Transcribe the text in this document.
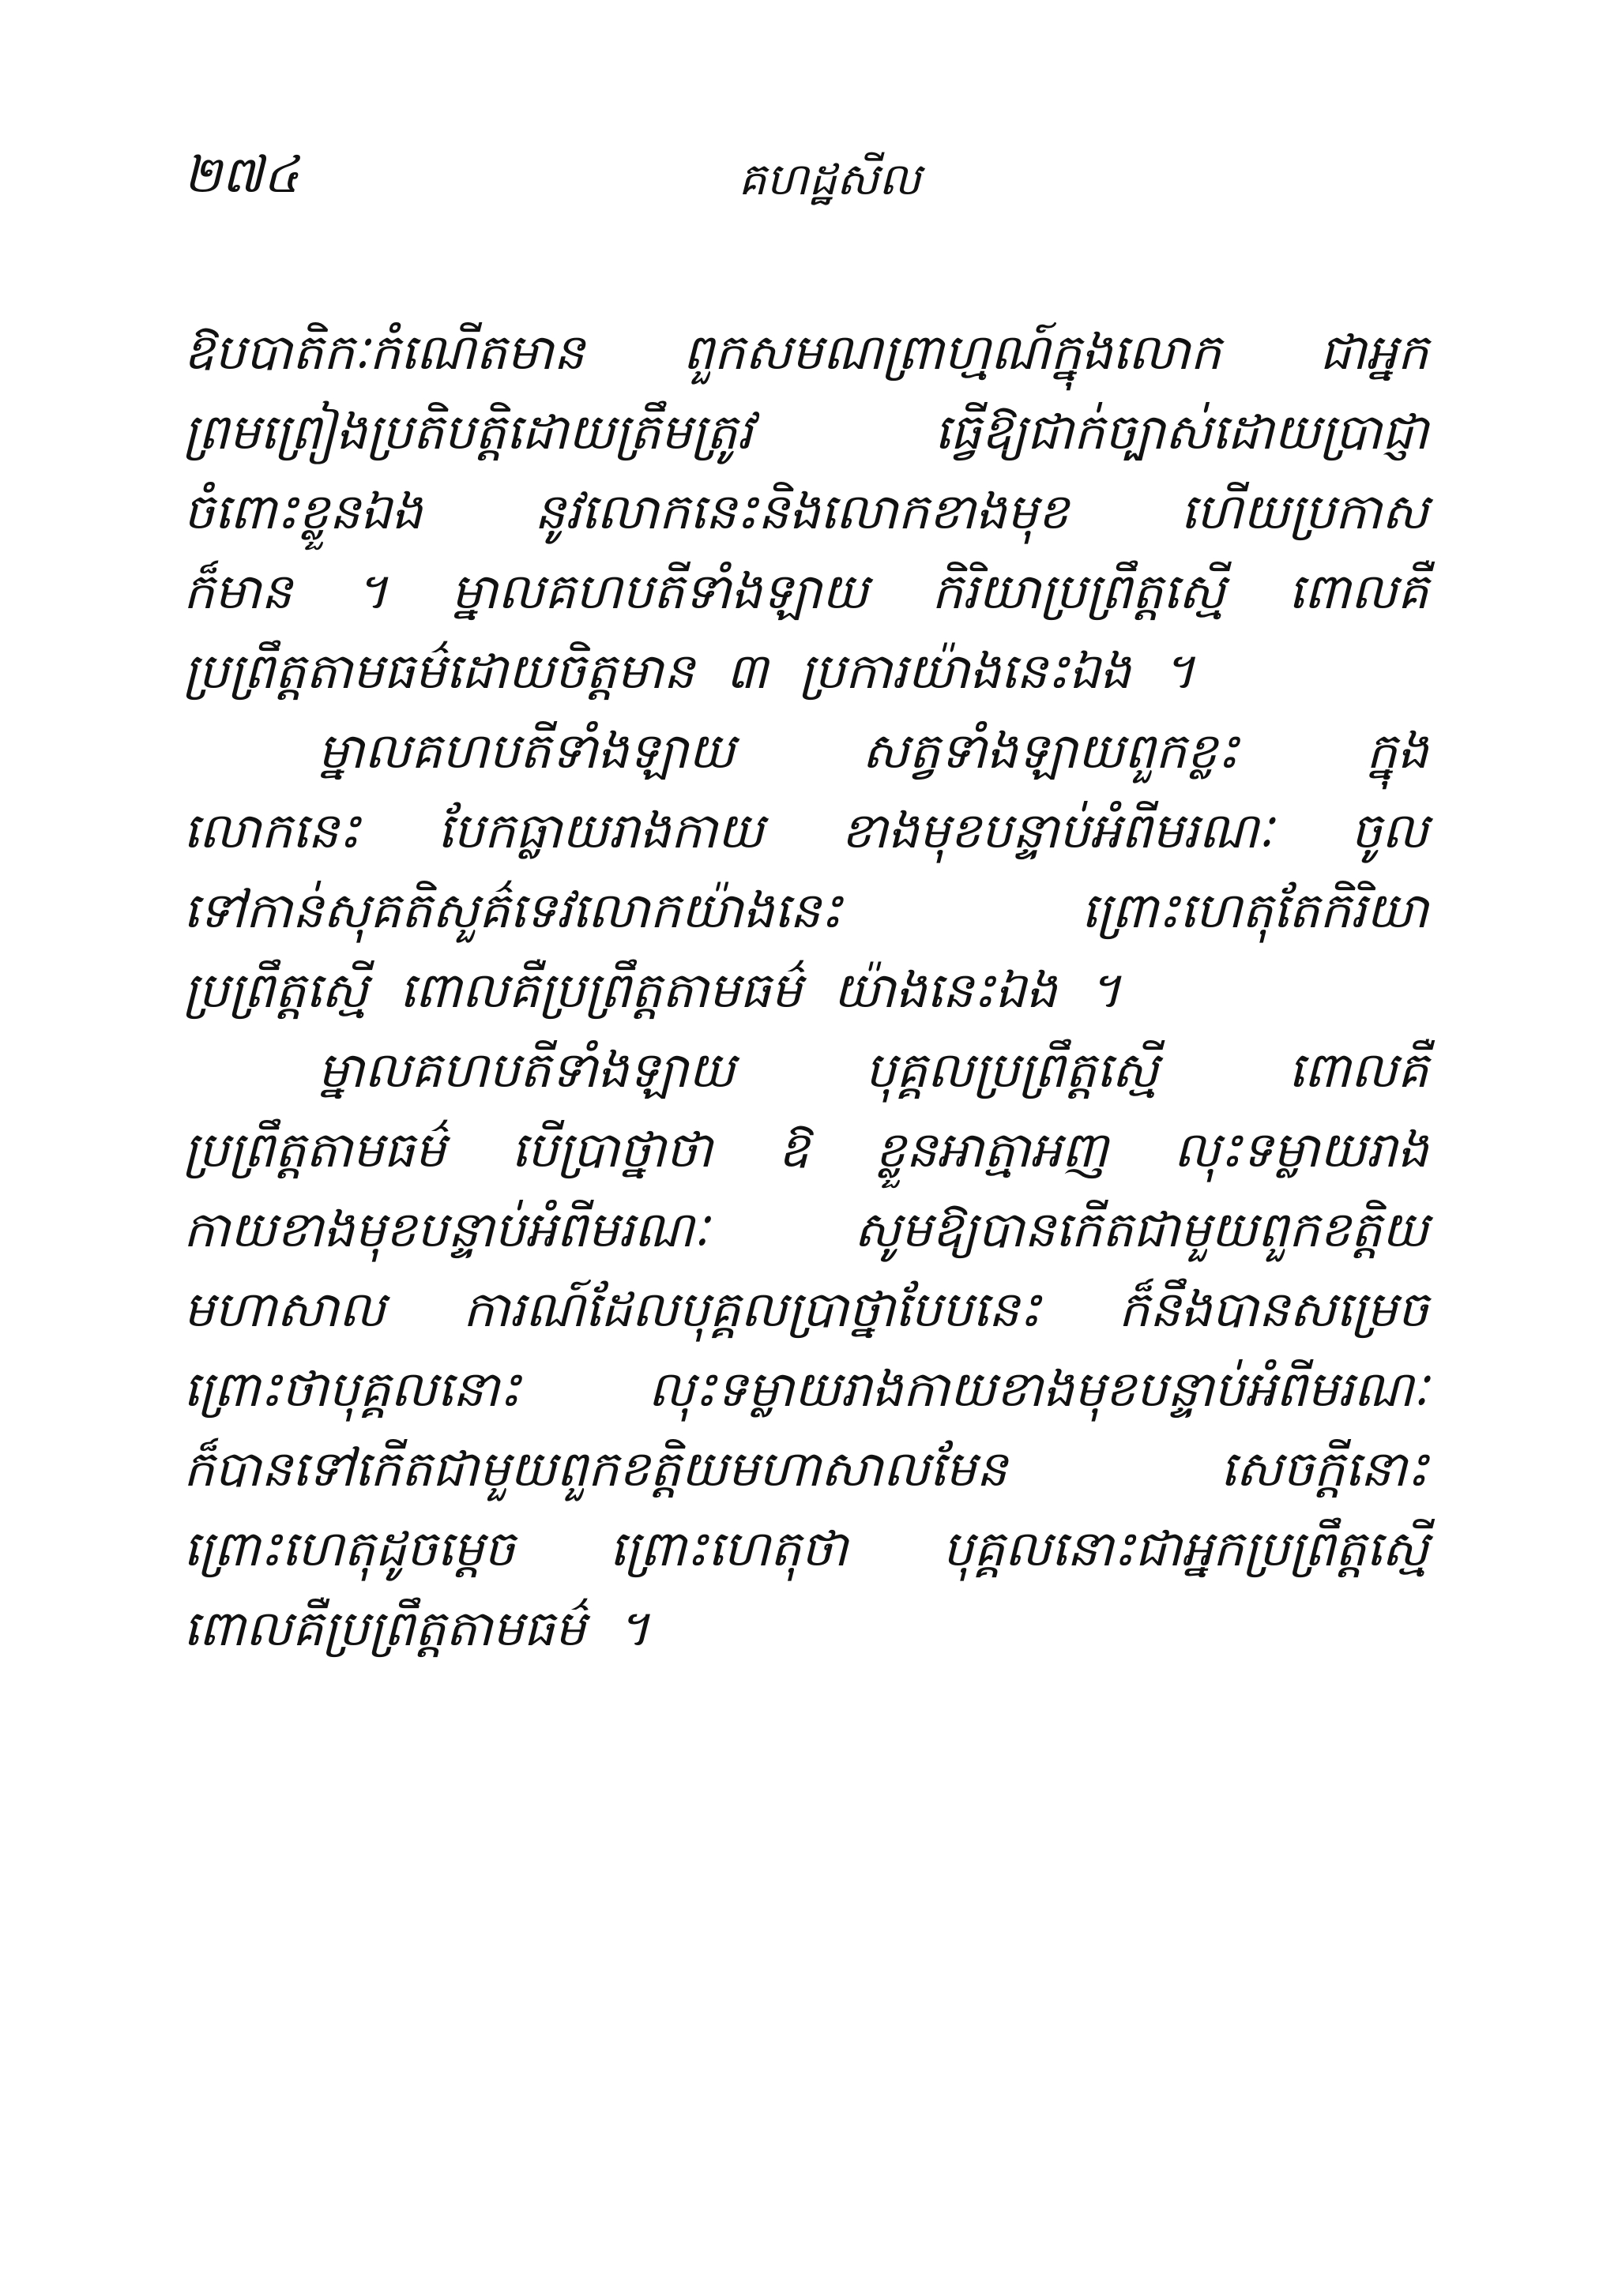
២៧៤	គហដ្ឋសីល
ឱបបាតិកៈកំណើតមាន ពួកសមណព្រាហ្មណ៍ក្នុងលោក ជាអ្នក
ព្រមព្រៀងប្រតិបត្តិដោយត្រឹមត្រូវ	ធ្វើឱ្យជាក់ច្បាស់ដោយប្រាជ្ញា
ចំពោះខ្លួនឯង នូវលោកនេះនិងលោកខាងមុខ ហើយប្រកាស
ក៏មាន ។ ម្នាលគហបតីទាំងឡាយ កិរិយាប្រព្រឹត្តស្មើ ពោលគឺ
ប្រព្រឹត្តតាមធម៌ដោយចិត្តមាន ៣ ប្រការយ៉ាងនេះឯង ។
ម្នាលគហបតីទាំងឡាយ	សត្វទាំងឡាយពួកខ្លះ	ក្នុង
លោកនេះ បែកធ្លាយរាងកាយ ខាងមុខបន្ទាប់អំពីមរណៈ ចូល
ទៅកាន់សុគតិសួគ៌ទេវលោកយ៉ាងនេះ	ព្រោះហេតុតែកិរិយា
ប្រព្រឹត្តស្មើ ពោលគឺប្រព្រឹត្តតាមធម៌ យ៉ាងនេះឯង ។
ម្នាលគហបតីទាំងឡាយ	បុគ្គលប្រព្រឹត្តស្មើ	ពោលគឺ
ប្រព្រឹត្តតាមធម៌ បើប្រាថ្នាថា ឱ ខ្លួនអាត្មាអញ លុះទម្លាយរាង
កាយខាងមុខបន្ទាប់អំពីមរណៈ	សូមឱ្យបានកើតជាមួយពួកខត្តិយ
មហាសាល ការណ៍ដែលបុគ្គលប្រាថ្នាបែបនេះ ក៏នឹងបានសម្រេច
ព្រោះថាបុគ្គលនោះ	លុះទម្លាយរាងកាយខាងមុខបន្ទាប់អំពីមរណៈ
ក៏បានទៅកើតជាមួយពួកខត្តិយមហាសាលមែន	សេចក្តីនោះ
ព្រោះហេតុដូចម្តេច ព្រោះហេតុថា បុគ្គលនោះជាអ្នកប្រព្រឹត្តស្មើ
ពោលគឺប្រព្រឹត្តតាមធម៌ ។
